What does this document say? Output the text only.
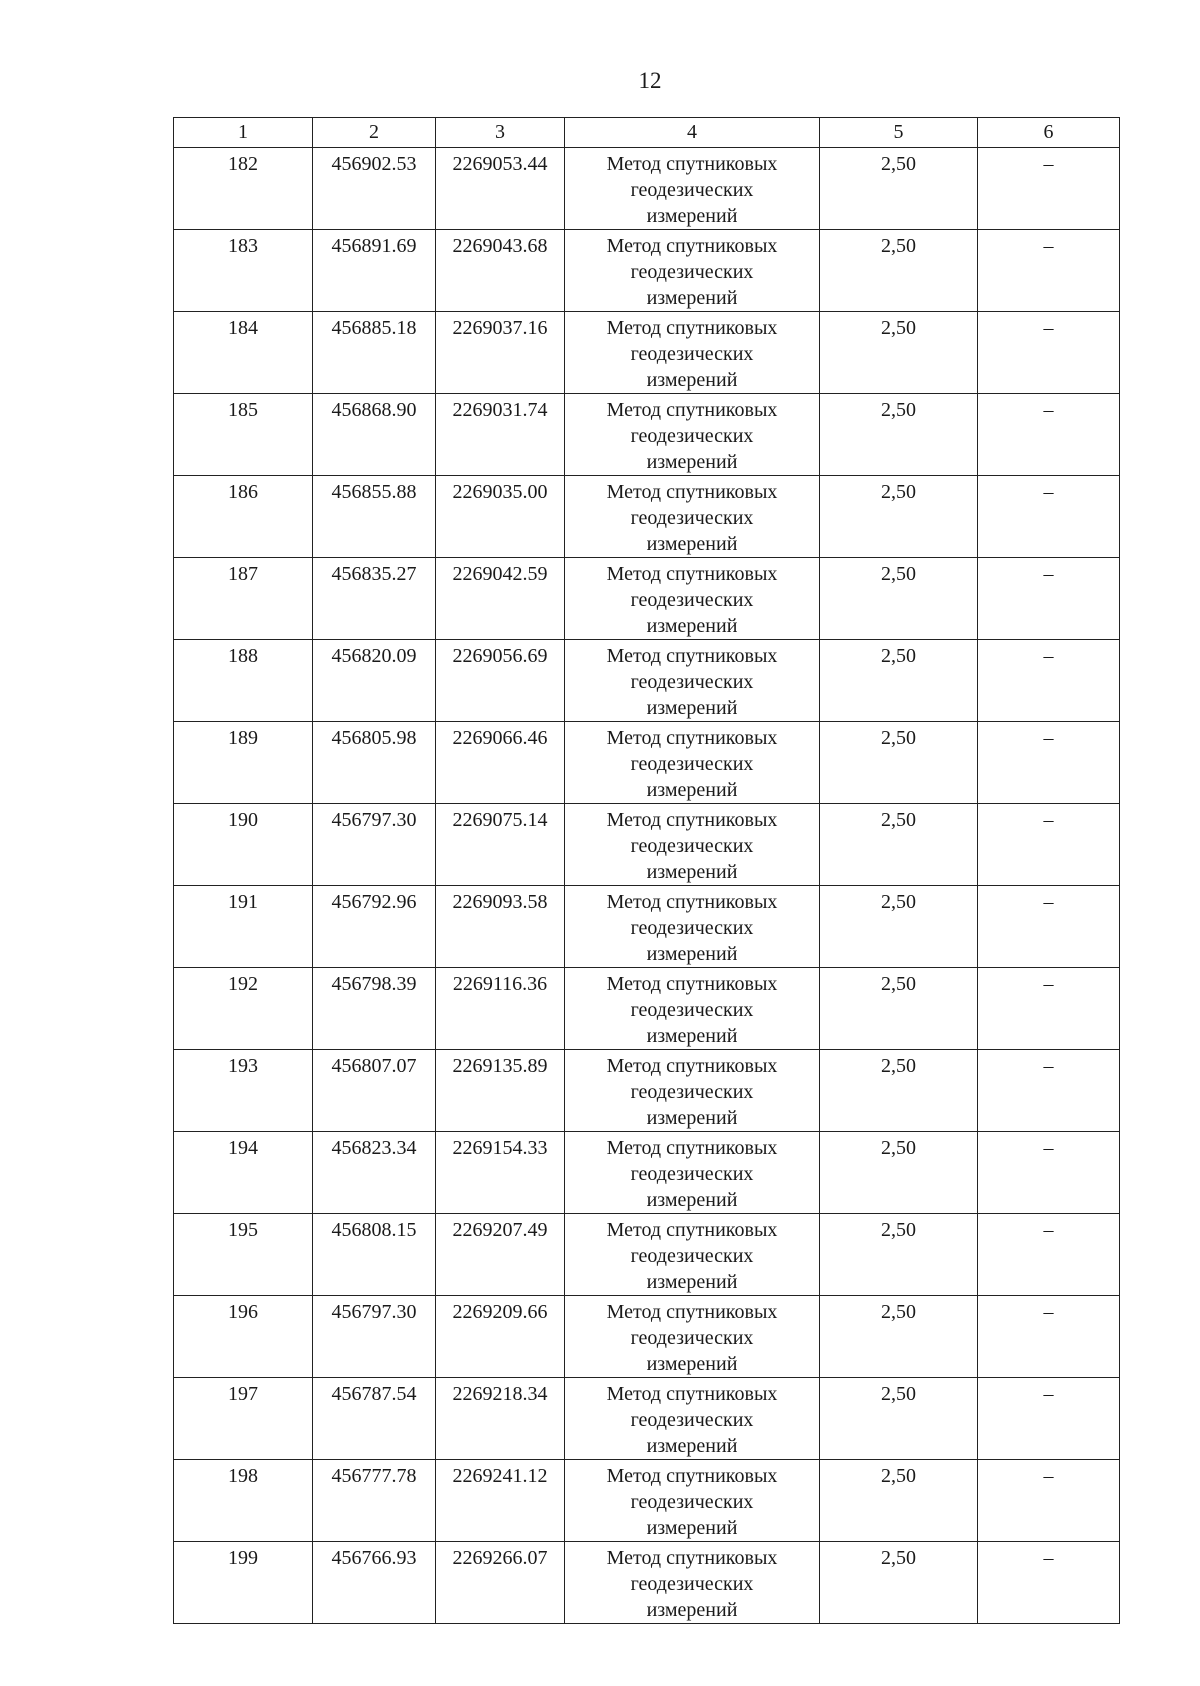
12
1	2	3	4	5	6
182	456902.53	2269053.44	Метод спутниковых
геодезических
измерений	2,50	–
183	456891.69	2269043.68	Метод спутниковых
геодезических
измерений	2,50	–
184	456885.18	2269037.16	Метод спутниковых
геодезических
измерений	2,50	–
185	456868.90	2269031.74	Метод спутниковых
геодезических
измерений	2,50	–
186	456855.88	2269035.00	Метод спутниковых
геодезических
измерений	2,50	–
187	456835.27	2269042.59	Метод спутниковых
геодезических
измерений	2,50	–
188	456820.09	2269056.69	Метод спутниковых
геодезических
измерений	2,50	–
189	456805.98	2269066.46	Метод спутниковых
геодезических
измерений	2,50	–
190	456797.30	2269075.14	Метод спутниковых
геодезических
измерений	2,50	–
191	456792.96	2269093.58	Метод спутниковых
геодезических
измерений	2,50	–
192	456798.39	2269116.36	Метод спутниковых
геодезических
измерений	2,50	–
193	456807.07	2269135.89	Метод спутниковых
геодезических
измерений	2,50	–
194	456823.34	2269154.33	Метод спутниковых
геодезических
измерений	2,50	–
195	456808.15	2269207.49	Метод спутниковых
геодезических
измерений	2,50	–
196	456797.30	2269209.66	Метод спутниковых
геодезических
измерений	2,50	–
197	456787.54	2269218.34	Метод спутниковых
геодезических
измерений	2,50	–
198	456777.78	2269241.12	Метод спутниковых
геодезических
измерений	2,50	–
199	456766.93	2269266.07	Метод спутниковых
геодезических
измерений	2,50	–
